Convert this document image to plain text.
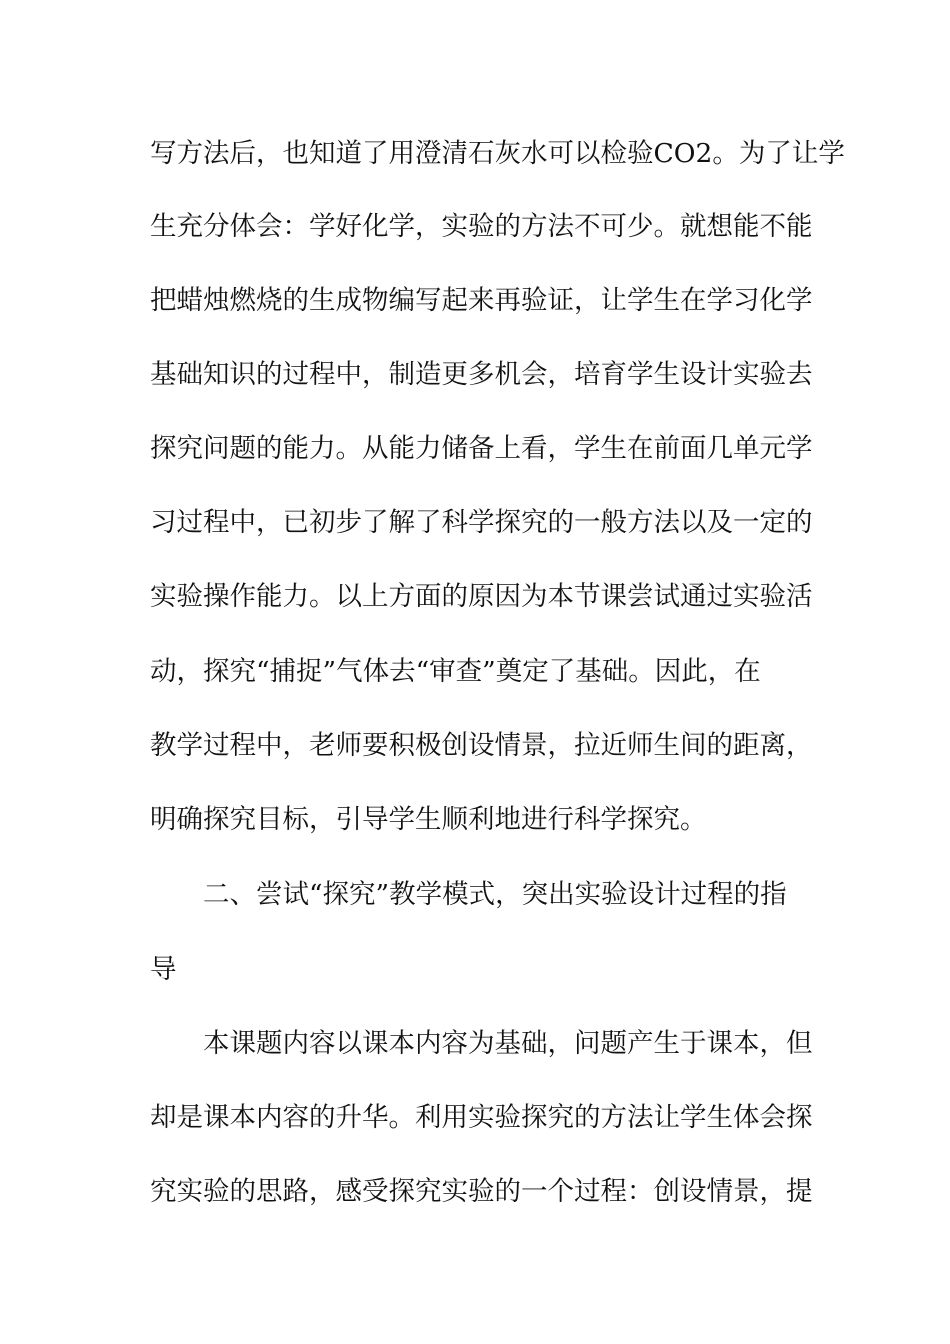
写方法后，也知道了用澄清石灰水可以检验CO2。为了让学

生充分体会：学好化学，实验的方法不可少。就想能不能

把蜡烛燃烧的生成物编写起来再验证，让学生在学习化学

基础知识的过程中，制造更多机会，培育学生设计实验去

探究问题的能力。从能力储备上看，学生在前面几单元学

习过程中，已初步了解了科学探究的一般方法以及一定的

实验操作能力。以上方面的原因为本节课尝试通过实验活

动，探究“捕捉”气体去“审查”奠定了基础。因此，在

教学过程中，老师要积极创设情景，拉近师生间的距离，

明确探究目标，引导学生顺利地进行科学探究。

二、尝试“探究”教学模式，突出实验设计过程的指

导

本课题内容以课本内容为基础，问题产生于课本，但

却是课本内容的升华。利用实验探究的方法让学生体会探

究实验的思路，感受探究实验的一个过程：创设情景，提
